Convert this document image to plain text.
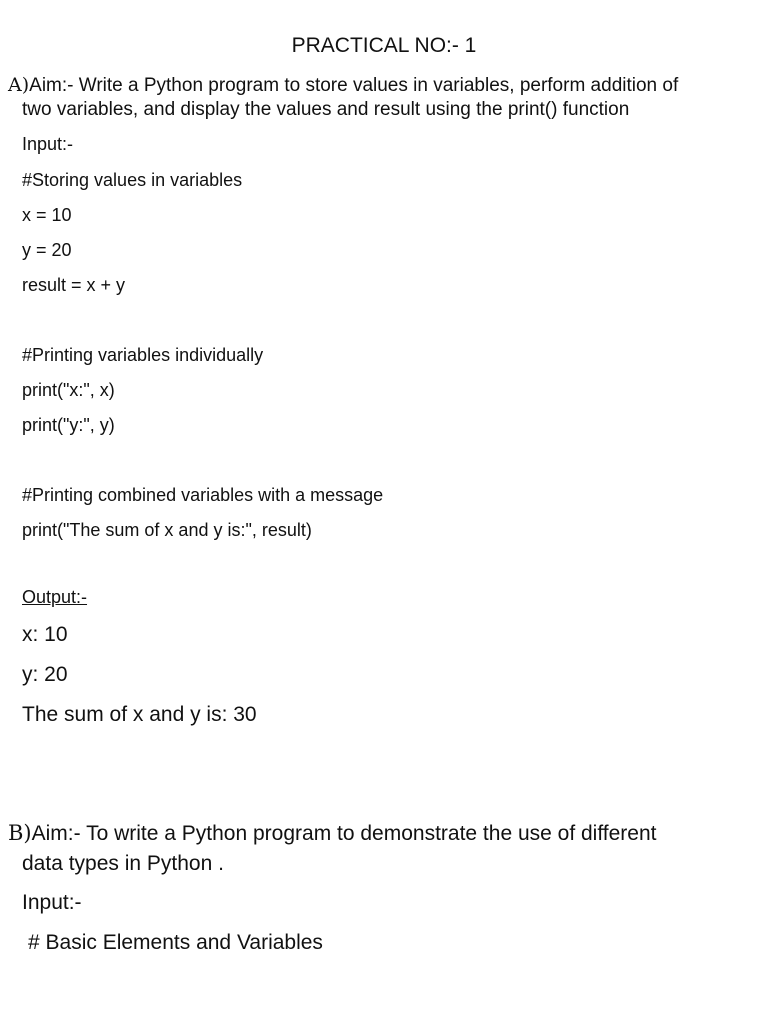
PRACTICAL NO:- 1
A)Aim:- Write a Python program to store values in variables, perform addition of
two variables, and display the values and result using the print() function
Input:-
#Storing values in variables
x = 10
y = 20
result = x + y
#Printing variables individually
print("x:", x)
print("y:", y)
#Printing combined variables with a message
print("The sum of x and y is:", result)
Output:-
x: 10
y: 20
The sum of x and y is: 30
B)Aim:- To write a Python program to demonstrate the use of different
data types in Python .
Input:-
# Basic Elements and Variables
